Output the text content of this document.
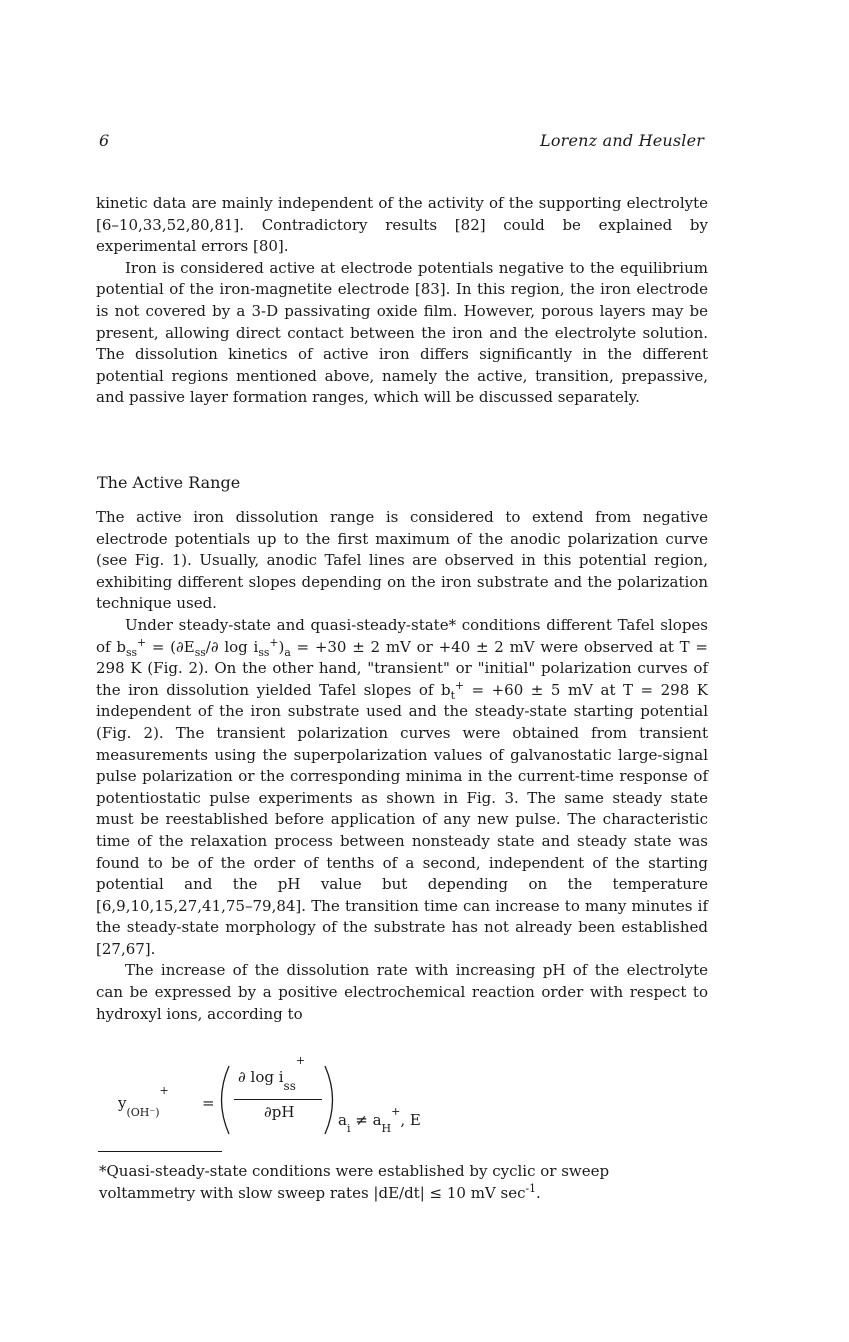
6	Lorenz and Heusler

kinetic data are mainly independent of the activity of the supporting electrolyte [6–10,33,52,80,81]. Contradictory results [82] could be explained by experimental errors [80].

Iron is considered active at electrode potentials negative to the equilibrium potential of the iron-magnetite electrode [83]. In this region, the iron electrode is not covered by a 3-D passivating oxide film. However, porous layers may be present, allowing direct contact between the iron and the electrolyte solution. The dissolution kinetics of active iron differs significantly in the different potential regions mentioned above, namely the active, transition, prepassive, and passive layer formation ranges, which will be discussed separately.

The Active Range

The active iron dissolution range is considered to extend from negative electrode potentials up to the first maximum of the anodic polarization curve (see Fig. 1). Usually, anodic Tafel lines are observed in this potential region, exhibiting different slopes depending on the iron substrate and the polarization technique used.

Under steady-state and quasi-steady-state* conditions different Tafel slopes of $b_{ss}^+ = (\partial E_{ss}/\partial$ $\log i_{ss}^+)_a = +30 \pm 2$ mV or +40 ± 2 mV were observed at T = 298 K (Fig. 2). On the other hand, "transient" or "initial" polarization curves of the iron dissolution yielded Tafel slopes of $b_t^+ = +60 \pm 5$ mV at T = 298 K independent of the iron substrate used and the steady-state starting potential (Fig. 2). The transient polarization curves were obtained from transient measurements using the superpolarization values of galvanostatic large-signal pulse polarization or the corresponding minima in the current-time response of potentiostatic pulse experiments as shown in Fig. 3. The same steady state must be reestablished before application of any new pulse. The characteristic time of the relaxation process between nonsteady state and steady state was found to be of the order of tenths of a second, independent of the starting potential and the pH value but depending on the temperature [6,9,10,15,27,41,75–79,84]. The transition time can increase to many minutes if the steady-state morphology of the substrate has not already been established [27,67].

The increase of the dissolution rate with increasing pH of the electrolyte can be expressed by a positive electrochemical reaction order with respect to hydroxyl ions, according to

$y_{(OH^-)}^+$
=
∂ $\log i_{ss}^+$
∂pH	$a_i \ne a_H^+$, E
*Quasi-steady-state conditions were established by cyclic or sweep voltammetry with slow sweep rates |dE/dt| ≤ 10 mV $\sec^{-1}$.
